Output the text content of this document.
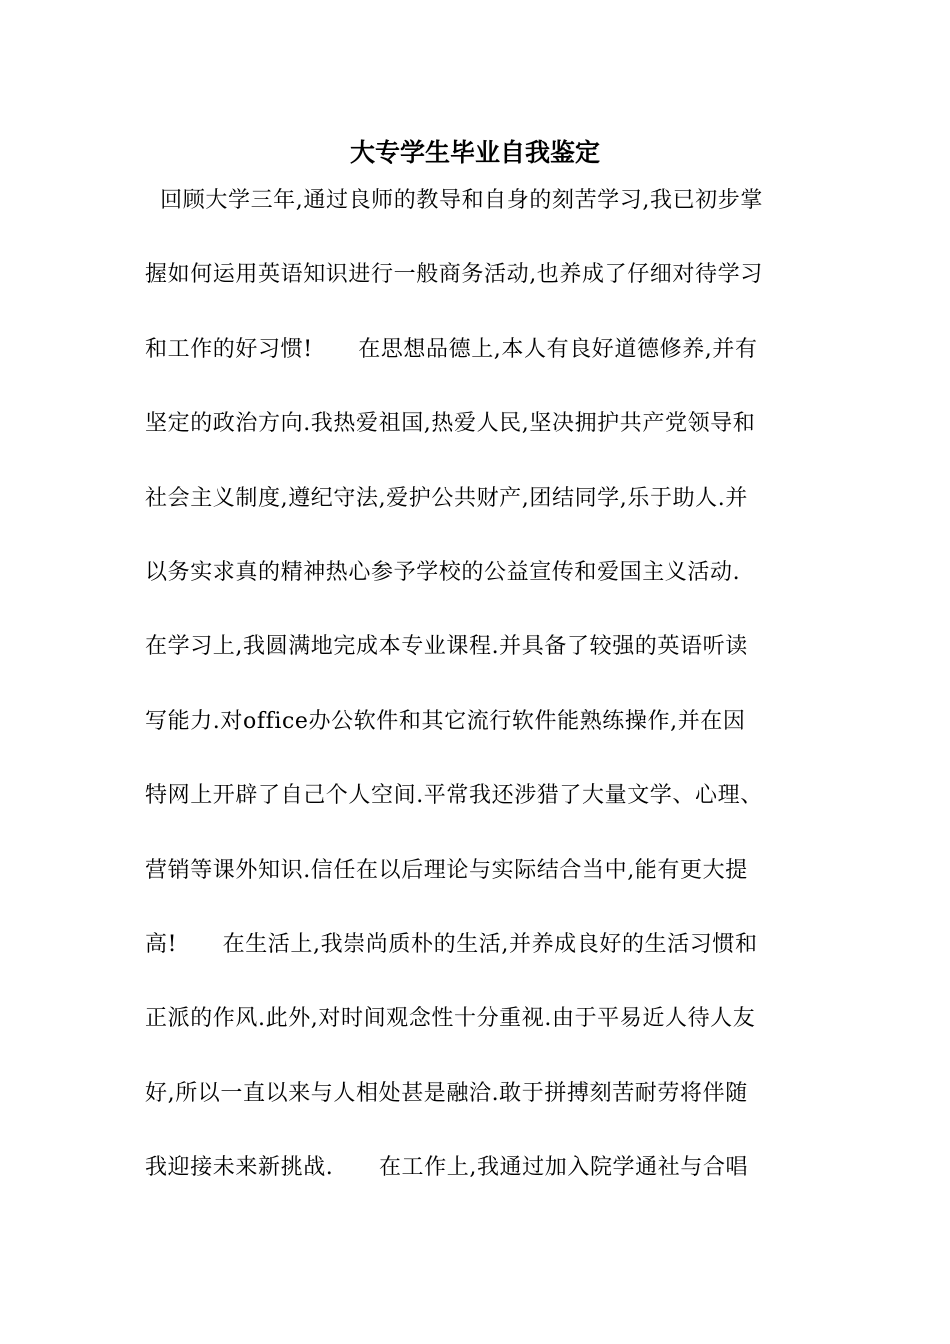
大专学生毕业自我鉴定
回顾大学三年,通过良师的教导和自身的刻苦学习,我已初步掌
握如何运用英语知识进行一般商务活动,也养成了仔细对待学习
和工作的好习惯!      在思想品德上,本人有良好道德修养,并有
坚定的政治方向.我热爱祖国,热爱人民,坚决拥护共产党领导和
社会主义制度,遵纪守法,爱护公共财产,团结同学,乐于助人.并
以务实求真的精神热心参予学校的公益宣传和爱国主义活动.
在学习上,我圆满地完成本专业课程.并具备了较强的英语听读
写能力.对office办公软件和其它流行软件能熟练操作,并在因
特网上开辟了自己个人空间.平常我还涉猎了大量文学、心理、
营销等课外知识.信任在以后理论与实际结合当中,能有更大提
高!      在生活上,我崇尚质朴的生活,并养成良好的生活习惯和
正派的作风.此外,对时间观念性十分重视.由于平易近人待人友
好,所以一直以来与人相处甚是融洽.敢于拼搏刻苦耐劳将伴随
我迎接未来新挑战.      在工作上,我通过加入院学通社与合唱
